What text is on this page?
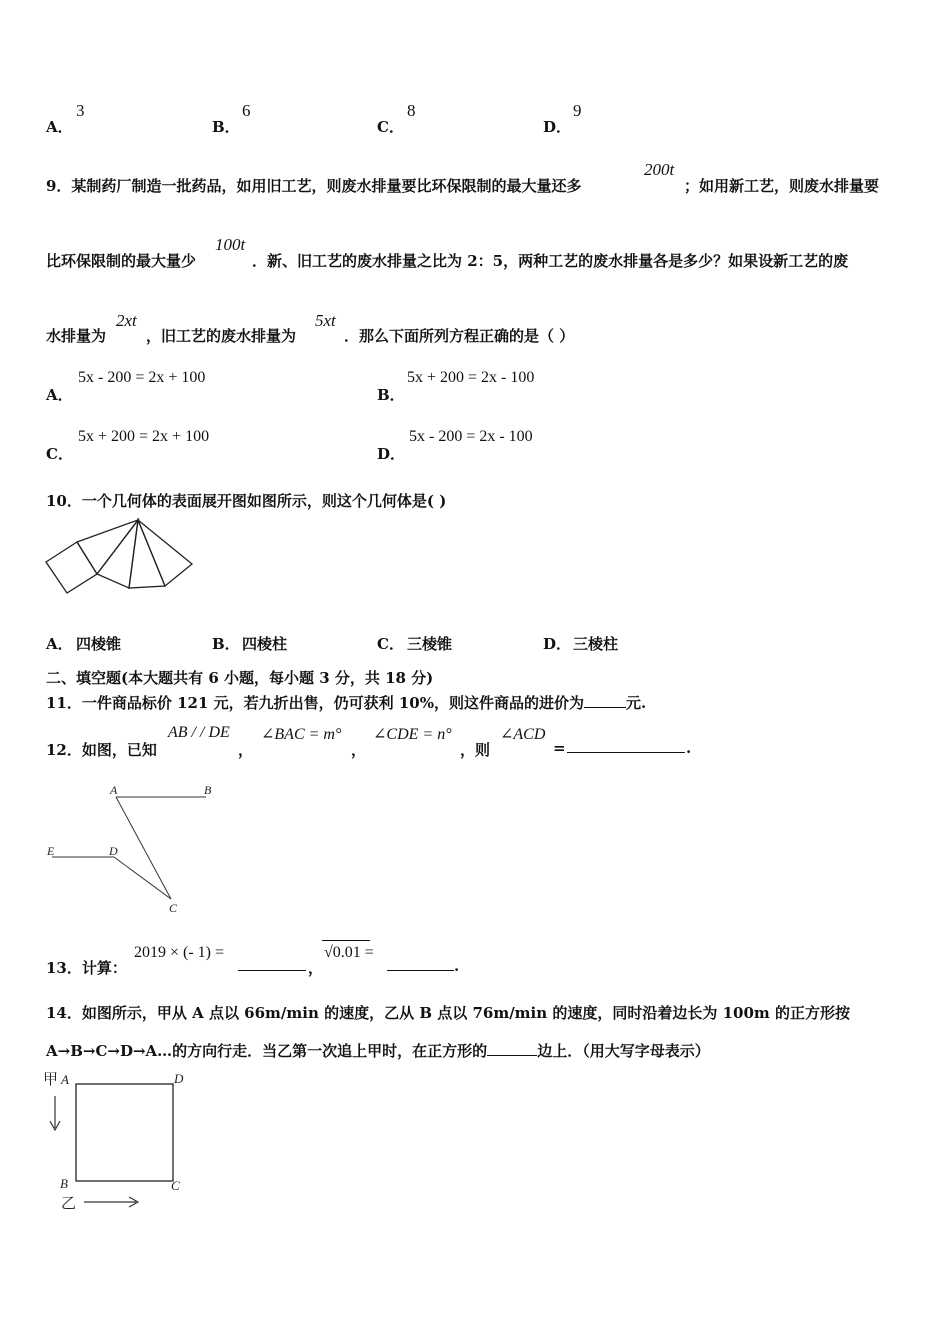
A．
3
B．
6
C．
8
D．
9
9．某制药厂制造一批药品，如用旧工艺，则废水排量要比环保限制的最大量还多
200t
；如用新工艺，则废水排量要
比环保限制的最大量少
100t
．新、旧工艺的废水排量之比为 2：5，两种工艺的废水排量各是多少？如果设新工艺的废
水排量为
2xt
，旧工艺的废水排量为
5xt
．那么下面所列方程正确的是（ ）
A．
5x - 200 = 2x + 100
B．
5x + 200 = 2x - 100
C．
5x + 200 = 2x + 100
D．
5x - 200 = 2x - 100
10．一个几何体的表面展开图如图所示，则这个几何体是( )
A． 四棱锥	B． 四棱柱	C． 三棱锥	D． 三棱柱
二、填空题(本大题共有 6 小题，每小题 3 分，共 18 分)
11．一件商品标价 121 元，若九折出售，仍可获利 10%，则这件商品的进价为	元.
12．如图，已知
AB / / DE
，
∠BAC = m°
，
∠CDE = n°
，则
∠ACD
=	.
A	B
E	D
C
13．计算：
2019 × (- 1) =
，
√0.01 =
.
14．如图所示，甲从 A 点以 66m/min 的速度，乙从 B 点以 76m/min 的速度，同时沿着边长为 100m 的正方形按
A→B→C→D→A…的方向行走．当乙第一次追上甲时，在正方形的	边上．（用大写字母表示）
甲 A	D
B	C
乙
